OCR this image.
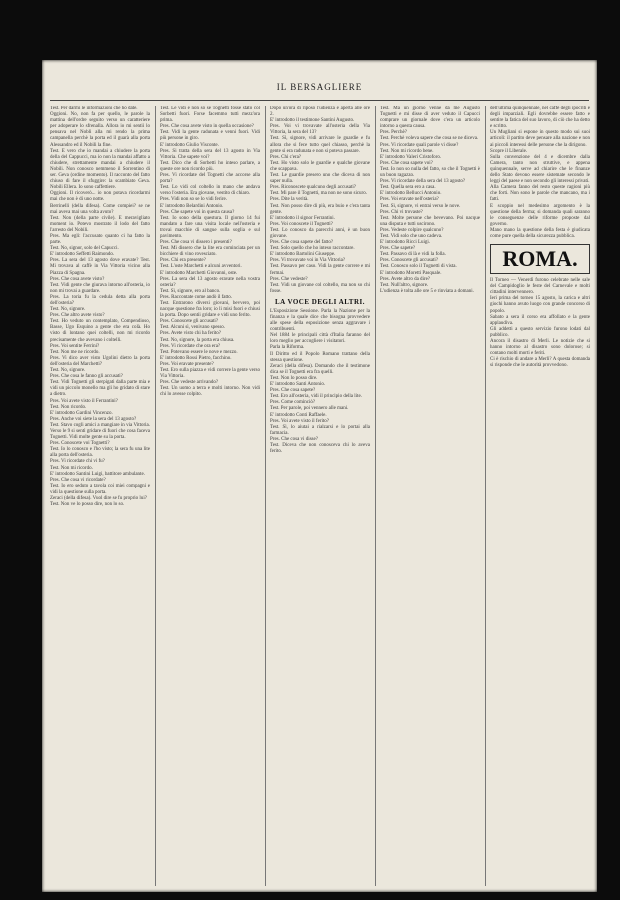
IL BERSAGLIERE

Test. Per darmi le informazioni che ho date.

Oggioni. No, non fa per quello, le parole la mattina dell'ordre seguito verso un caratteriere per adoperare lo sfrenalla. Allora io mi sentii lo pensava nel Nobli alla mi rendo la prima campanella perchè la porta ed il guarà alla porta Alessandro ed il Nobili la fine.

Test. E vero che io mandai a chiudere la porta della del Cappucci, ma io non la mandai affatto a chiudere, strettamente mandai a chiudere il Nobili. Non conosco nemmeno il Sorrentino di ser. Geva (ordine momento). Il racconto del fatto chiuso di fare il sfuggire: la scambiato Geva. Nobili Ellera. Io sono caffettiere.

Oggioni. Il ricoverò... io non potava ricordarmi mai che non è di uno notte.

Berrinelli (della difesa). Come compiei? se ne mai aveva mai una volta avuto?

Test. Non (della parte civile). E meravigliato moment io. Potevo mostrato il lodo del fatto l'arresto del Nobili.

Pres. Ma egli: l'accusato quanto ci ha fatto la parte.

Test. No, signor, solo del Capucci.

E' introdotto Seffetti Raimondo.

Pres. La sera del 13 agosto dove eravate? Test. Mi trovava al caffè in Via Vittoria vicino alla Piazza di Spagna.

Pres. Che cosa avete visto?

Test. Vidi gente che giurava intorno all'osteria, io non mi trovai a guardare.

Pres. La toria fu la cedula detta alla porta dell'osteria?

Test. No, signore.

Pres. Che altro avete visto?

Test. Ho veduto un contemplato, Compendioso, Basse, Ugo Esquino a gente che era colà. Ho visto di lontano quei coltelli, non mi ricordo precisamente che avevano i coltelli.

Pres. Voi sentite Ferrini?

Test. Non me ne ricordo.

Pres. Vi dico aver visto Ugolini dietro la porta dell'osteria del Marchetti?

Test. No, signore.

Pres. Che cosa le fanno gli accusati?

Test. Vidi Tognetti gli sterpigati dalla parte mia e vidi un piccolo monello ma gli ho gridato di stare a dietro.

Pres. Voi avete visto il Ferrantini?

Test. Non ricordo.

E' introdotto Gardini Vincenzo.

Pres. Anche voi siete la sera del 13 agosto?

Test. Stavo cogli amici a mangiare in via Vittoria. Verso le 9 si sentì gridare di fuori che cosa faceva Tognetti. Vidi molte gente su la porta.

Pres. Conoscete voi Tognetti?

Test. Io lo conosco e l'ho visto; la sera fu una lite alla porta dell'osteria.

Pres. Vi ricordate chi vi fu?

Test. Non mi ricordo.

E' introdotto Santini Luigi, battitore ambulante.

Pres. Che cosa vi ricordate?

Test. Io ero seduto a tavola coi miei compagni e vidi la questione sulla porta.

Zeraci (della difesa). Vuol dire se fu proprio lui?

Test. Non ve lo posso dire, non lo so.

Test. Le vidi e non so se Tognetti fosse stato col Sorbetti fuori. Forse facemmo tutti mezz'ora prima.

Pres. Che cosa avete visto in quella occasione?

Test. Vidi la gente radunata e venni fuori. Vidi più persone in giro.

E' introdotto Giulio Visconte.

Pres. Si tratta della sera del 13 agosto in Via Vittoria. Che sapete voi?

Test. Dico che di Sorbetti ho inteso parlare, a queste ore non ricordo più.

Pres. Vi ricordate del Tognetti che accorse alla porta?

Test. Lo vidi col coltello in mano che andava verso l'osteria. Era giovane, vestito di chiaro.

Pres. Vidi non so se lo vidi ferire.

E' introdotto Belardini Antonio.

Pres. Che sapete voi in questa causa?

Test. Io sono della questura. Il giorno 14 fui mandato a fare una visita locale nell'osteria e trovai macchie di sangue sulla soglia e sul pavimento.

Pres. Che cosa vi dissero i presenti?

Test. Mi dissero che la lite era cominciata per un bicchiere di vino rovesciato.

Pres. Chi era presente?

Test. L'oste Marchetti e alcuni avventori.

E' introdotto Marchetti Giovanni, oste.

Pres. La sera del 13 agosto eravate nella vostra osteria?

Test. Sì, signore, ero al banco.

Pres. Raccontate come andò il fatto.

Test. Entrarono diversi giovani, bevvero, poi nacque questione fra loro; io li misi fuori e chiusi la porta. Dopo sentii gridare e vidi uno ferito.

Pres. Conoscete gli accusati?

Test. Alcuni sì, venivano spesso.

Pres. Avete visto chi ha ferito?

Test. No, signore, la porta era chiusa.

Pres. Vi ricordate che ora era?

Test. Potevano essere le nove e mezzo.

E' introdotto Rossi Pietro, facchino.

Pres. Voi eravate presente?

Test. Ero sulla piazza e vidi correre la gente verso Via Vittoria.

Pres. Che vedeste arrivando?

Test. Un uomo a terra e molti intorno. Non vidi chi lo avesse colpito.

Dopo un'ora di riposo l'udienza è aperta alle ore 2.

E' introdotto il testimone Santini Augusto.

Pres. Voi vi trovavate all'osteria della Via Vittoria, la sera del 13?

Test. Sì, signore, vidi arrivare le guardie e fu allora che si fece tutto quel chiasso, perchè la gente si era radunata e non si poteva passare.

Pres. Chi c'era?

Test. Ho visto solo le guardie e qualche giovane che scappava.

Test. Le guardie presero uno che diceva di non saper nulla.

Pres. Riconoscete qualcuno degli accusati?

Test. Mi pare il Tognetti, ma non ne sono sicuro.

Pres. Dite la verità.

Test. Non posso dire di più, era buio e c'era tanta gente.

E' introdotto il signor Ferrantini.

Pres. Voi conoscete il Tognetti?

Test. Lo conosco da parecchi anni, è un buon giovane.

Pres. Che cosa sapete del fatto?

Test. Solo quello che ho inteso raccontare.

E' introdotto Bartolini Giuseppe.

Pres. Vi trovavate voi in Via Vittoria?

Test. Passavo per caso. Vidi la gente correre e mi fermai.

Pres. Che vedeste?

Test. Vidi un giovane col coltello, ma non so chi fosse.

LA VOCE DEGLI ALTRI.

L'Esposizione Sessione. Parla la Nazione per la finanza e la quale dice che bisogna provvedere alle spese della esposizione senza aggravare i contribuenti.

Nel 1884 le principali città d'Italia faranno del loro meglio per accogliere i visitatori.

Parla la Riforma.

Il Diritto ed il Popolo Romano trattano della stessa questione.

Zeraci (della difesa). Domando che il testimone dica se il Tognetti era fra quelli.

Test. Non lo posso dire.

E' introdotto Santi Antonio.

Pres. Che cosa sapete?

Test. Ero all'osteria, vidi il principio della lite.

Pres. Come cominciò?

Test. Per parole, poi vennero alle mani.

E' introdotto Conti Raffaele.

Pres. Voi avete visto il ferito?

Test. Sì, lo aiutai a rialzarsi e lo portai alla farmacia.

Pres. Che cosa vi disse?

Test. Diceva che non conosceva chi lo aveva ferito.

Test. Ma un giorno venne da me Augusto Tognetti e mi disse di aver veduto il Capucci comprare un giornale dove c'era un articolo intorno a questa causa.

Pres. Perchè?

Test. Perchè voleva sapere che cosa se ne diceva.

Pres. Vi ricordate quali parole vi disse?

Test. Non mi ricordo bene.

E' introdotto Valeri Cristoforo.

Pres. Che cosa sapete voi?

Test. Io non so nulla del fatto, so che il Tognetti è un buon ragazzo.

Pres. Vi ricordate della sera del 13 agosto?

Test. Quella sera ero a casa.

E' introdotto Bellucci Antonio.

Pres. Voi eravate nell'osteria?

Test. Sì, signore, vi entrai verso le nove.

Pres. Chi vi trovaste?

Test. Molte persone che bevevano. Poi nacque una disputa e tutti uscirono.

Pres. Vedeste colpire qualcuno?

Test. Vidi solo che uno cadeva.

E' introdotto Ricci Luigi.

Pres. Che sapete?

Test. Passavo di là e vidi la folla.

Pres. Conoscete gli accusati?

Test. Conosco solo il Tognetti di vista.

E' introdotto Moretti Pasquale.

Pres. Avete altro da dire?

Test. Null'altro, signore.

L'udienza è tolta alle ore 5 e rinviata a domani.

dell'ultima quinquennale, nel caffè degli ipocriti e degli imparziali. Egli dovrebbe essere fatto e sentire la fatica del suo lavoro, di ciò che ha detto e scritto.

Un Mugliani si espone in questo modo sui suoi articoli: il partito deve pensare alla nazione e non ai piccoli interessi delle persone che la dirigono.

Scopre il Liberale.

Sulla convenzione del 4 e dicembre dalla Camera, tanto non struttive, e appena quinquennale, serve ad chiarire che le finanze dello Stato devono essere sistemate secondo le leggi del paese e non secondo gli interessi privati.

Alla Camera fanno del resto queste ragioni più che forti. Non sono le parole che mancano, ma i fatti.

E scoppio nel medesimo argomento è la questione della ferma; si domanda quali saranno le conseguenze delle riforme proposte dal governo.

Mano mano la questione della festa è giudicata come pure quella della sicurezza pubblica.

ROMA.

Il Torneo — Venerdì furono celebrate nelle sale del Campidoglio le feste del Carnevale e molti cittadini intervennero.

Ieri prima del torneo 15 agosto, la carica e altri giochi hanno avuto luogo con grande concorso di popolo.

Sabato a sera il corso era affollato e la gente applaudiva.

Gli addetti a questo servizio furono lodati dal pubblico.

Ancora il disastro di Merli. Le notizie che si hanno intorno al disastro sono dolorose; si contano molti morti e feriti.

Ci è rischio di andare a Merli? A questa domanda si risponde che le autorità provvedono.
